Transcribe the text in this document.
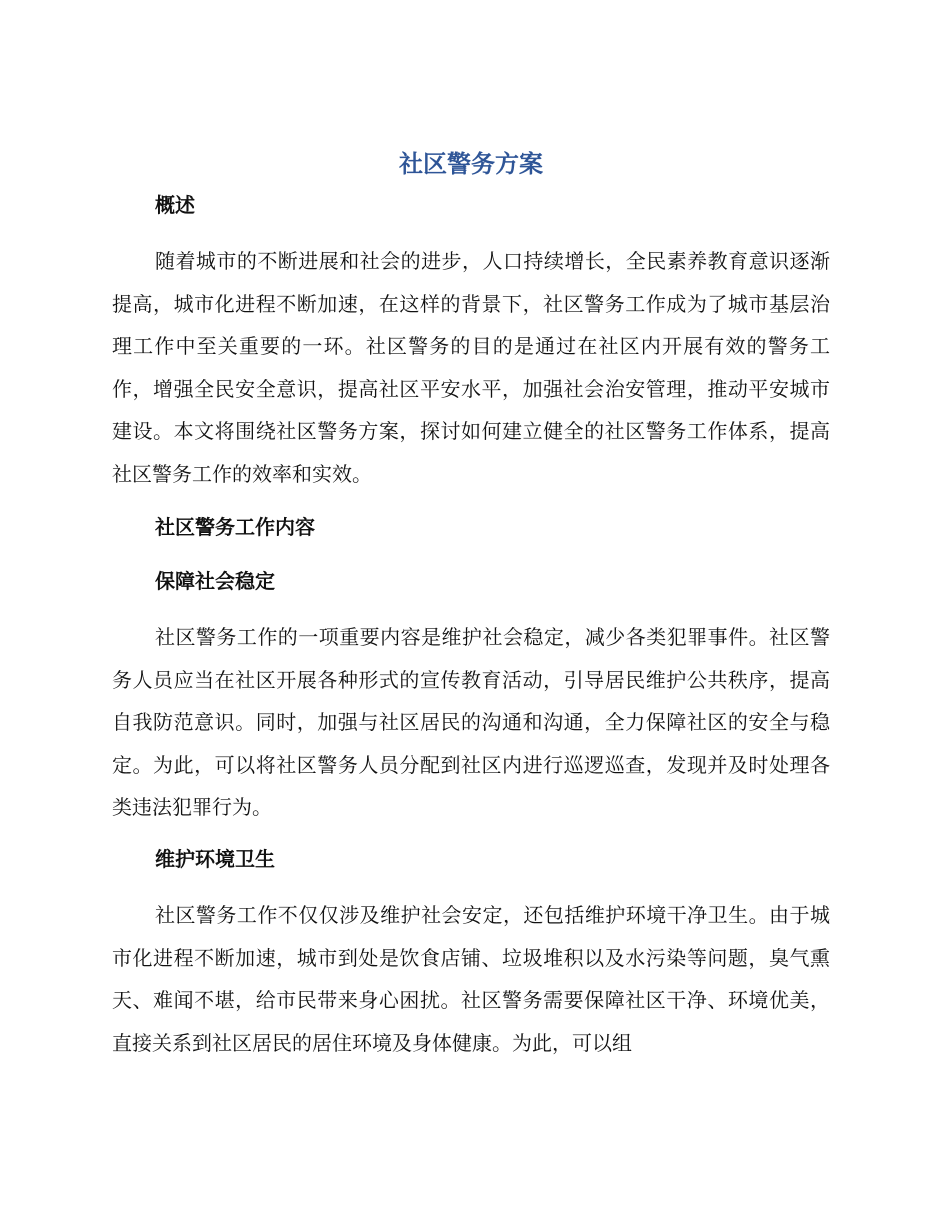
社区警务方案
概述

随着城市的不断进展和社会的进步，人口持续增长，全民素养教育意识逐渐提高，城市化进程不断加速，在这样的背景下，社区警务工作成为了城市基层治理工作中至关重要的一环。社区警务的目的是通过在社区内开展有效的警务工作，增强全民安全意识，提高社区平安水平，加强社会治安管理，推动平安城市建设。本文将围绕社区警务方案，探讨如何建立健全的社区警务工作体系，提高社区警务工作的效率和实效。

社区警务工作内容
保障社会稳定

社区警务工作的一项重要内容是维护社会稳定，减少各类犯罪事件。社区警务人员应当在社区开展各种形式的宣传教育活动，引导居民维护公共秩序，提高自我防范意识。同时，加强与社区居民的沟通和沟通，全力保障社区的安全与稳定。为此，可以将社区警务人员分配到社区内进行巡逻巡查，发现并及时处理各类违法犯罪行为。

维护环境卫生

社区警务工作不仅仅涉及维护社会安定，还包括维护环境干净卫生。由于城市化进程不断加速，城市到处是饮食店铺、垃圾堆积以及水污染等问题，臭气熏天、难闻不堪，给市民带来身心困扰。社区警务需要保障社区干净、环境优美，直接关系到社区居民的居住环境及身体健康。为此，可以组
